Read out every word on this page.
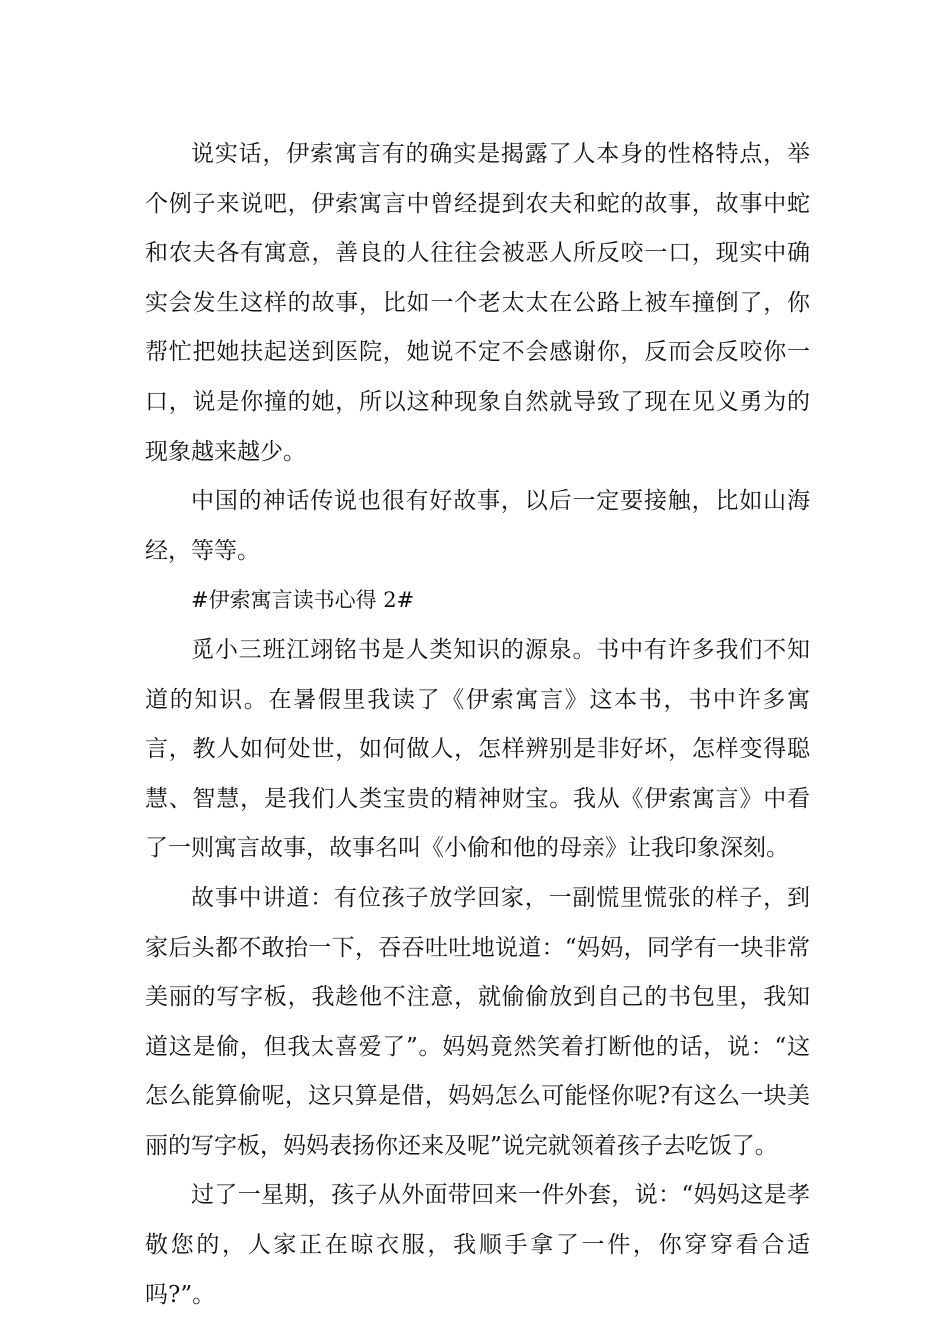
说实话，伊索寓言有的确实是揭露了人本身的性格特点，举个例子来说吧，伊索寓言中曾经提到农夫和蛇的故事，故事中蛇和农夫各有寓意，善良的人往往会被恶人所反咬一口，现实中确实会发生这样的故事，比如一个老太太在公路上被车撞倒了，你帮忙把她扶起送到医院，她说不定不会感谢你，反而会反咬你一口，说是你撞的她，所以这种现象自然就导致了现在见义勇为的现象越来越少。

中国的神话传说也很有好故事，以后一定要接触，比如山海经，等等。

#伊索寓言读书心得 2#

觅小三班江翊铭书是人类知识的源泉。书中有许多我们不知道的知识。在暑假里我读了《伊索寓言》这本书，书中许多寓言，教人如何处世，如何做人，怎样辨别是非好坏，怎样变得聪慧、智慧，是我们人类宝贵的精神财宝。我从《伊索寓言》中看了一则寓言故事，故事名叫《小偷和他的母亲》让我印象深刻。

故事中讲道：有位孩子放学回家，一副慌里慌张的样子，到家后头都不敢抬一下，吞吞吐吐地说道：“妈妈，同学有一块非常美丽的写字板，我趁他不注意，就偷偷放到自己的书包里，我知道这是偷，但我太喜爱了”。妈妈竟然笑着打断他的话，说：“这怎么能算偷呢，这只算是借，妈妈怎么可能怪你呢?有这么一块美丽的写字板，妈妈表扬你还来及呢”说完就领着孩子去吃饭了。

过了一星期，孩子从外面带回来一件外套，说：“妈妈这是孝敬您的，人家正在晾衣服，我顺手拿了一件，你穿穿看合适吗?”。
